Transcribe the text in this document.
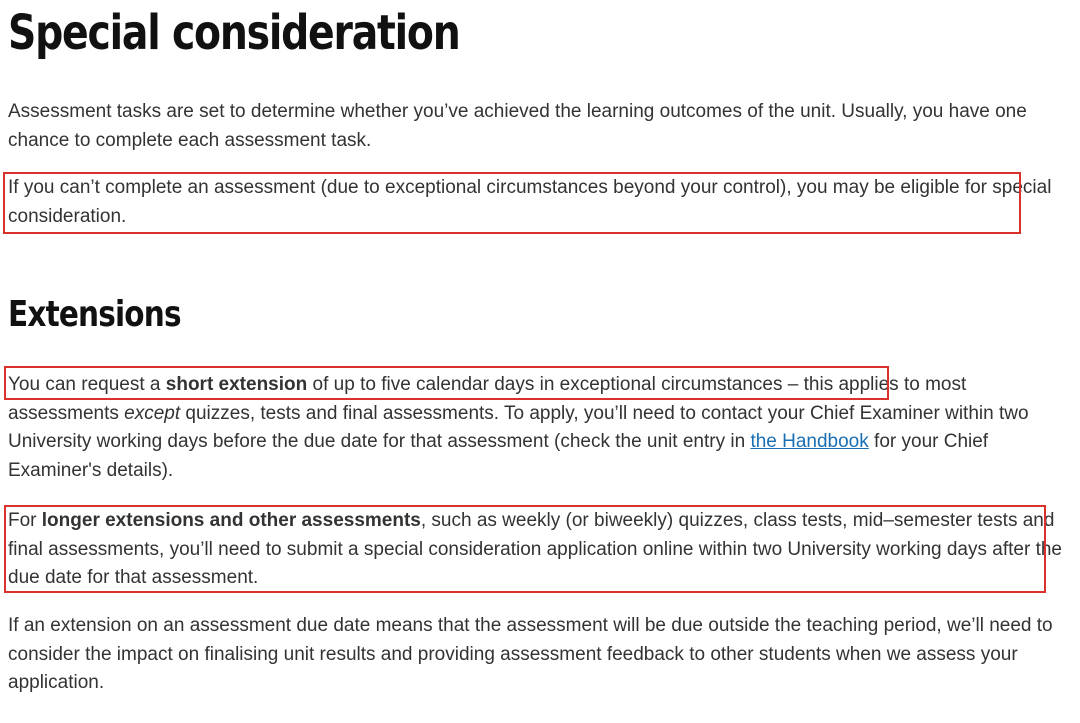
Special consideration

Assessment tasks are set to determine whether you’ve achieved the learning outcomes of the unit. Usually, you have one chance to complete each assessment task.

If you can’t complete an assessment (due to exceptional circumstances beyond your control), you may be eligible for special consideration.

Extensions

You can request a short extension of up to five calendar days in exceptional circumstances – this applies to most assessments except quizzes, tests and final assessments. To apply, you’ll need to contact your Chief Examiner within two University working days before the due date for that assessment (check the unit entry in the Handbook for your Chief Examiner's details).

For longer extensions and other assessments, such as weekly (or biweekly) quizzes, class tests, mid–semester tests and final assessments, you’ll need to submit a special consideration application online within two University working days after the due date for that assessment.

If an extension on an assessment due date means that the assessment will be due outside the teaching period, we’ll need to consider the impact on finalising unit results and providing assessment feedback to other students when we assess your application.
